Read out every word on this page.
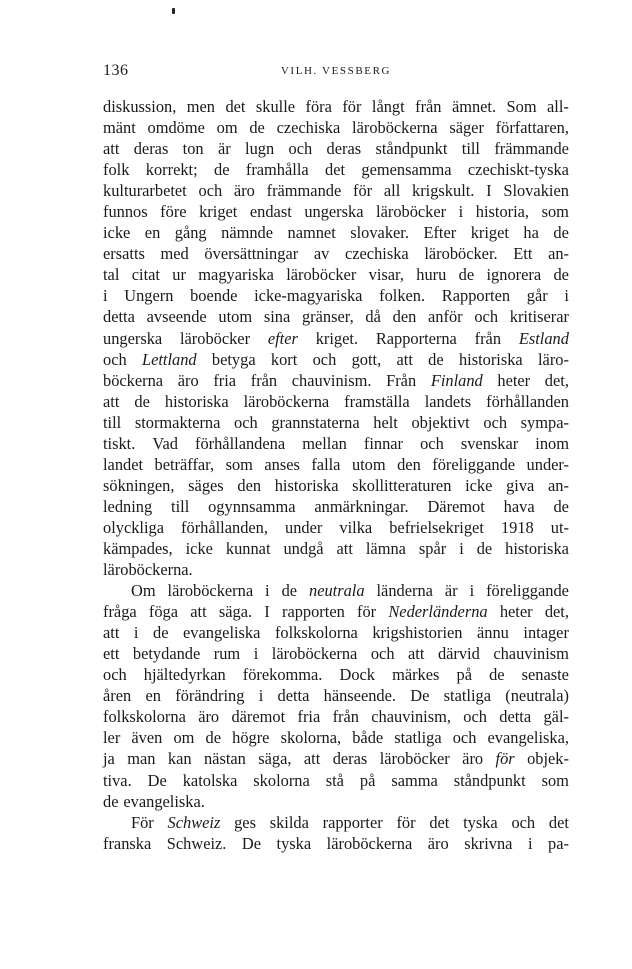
136	VILH. VESSBERG
diskussion, men det skulle föra för långt från ämnet. Som all-
mänt omdöme om de czechiska läroböckerna säger författaren,
att deras ton är lugn och deras ståndpunkt till främmande
folk korrekt; de framhålla det gemensamma czechiskt-tyska
kulturarbetet och äro främmande för all krigskult. I Slovakien
funnos före kriget endast ungerska läroböcker i historia, som
icke en gång nämnde namnet slovaker. Efter kriget ha de
ersatts med översättningar av czechiska läroböcker. Ett an-
tal citat ur magyariska läroböcker visar, huru de ignorera de
i Ungern boende icke-magyariska folken. Rapporten går i
detta avseende utom sina gränser, då den anför och kritiserar
ungerska läroböcker efter kriget. Rapporterna från Estland
och Lettland betyga kort och gott, att de historiska läro-
böckerna äro fria från chauvinism. Från Finland heter det,
att de historiska läroböckerna framställa landets förhållanden
till stormakterna och grannstaterna helt objektivt och sympa-
tiskt. Vad förhållandena mellan finnar och svenskar inom
landet beträffar, som anses falla utom den föreliggande under-
sökningen, säges den historiska skollitteraturen icke giva an-
ledning till ogynnsamma anmärkningar. Däremot hava de
olyckliga förhållanden, under vilka befrielsekriget 1918 ut-
kämpades, icke kunnat undgå att lämna spår i de historiska
läroböckerna.
Om läroböckerna i de neutrala länderna är i föreliggande
fråga föga att säga. I rapporten för Nederländerna heter det,
att i de evangeliska folkskolorna krigshistorien ännu intager
ett betydande rum i läroböckerna och att därvid chauvinism
och hjältedyrkan förekomma. Dock märkes på de senaste
åren en förändring i detta hänseende. De statliga (neutrala)
folkskolorna äro däremot fria från chauvinism, och detta gäl-
ler även om de högre skolorna, både statliga och evangeliska,
ja man kan nästan säga, att deras läroböcker äro för objek-
tiva. De katolska skolorna stå på samma ståndpunkt som
de evangeliska.
För Schweiz ges skilda rapporter för det tyska och det
franska Schweiz. De tyska läroböckerna äro skrivna i pa-
